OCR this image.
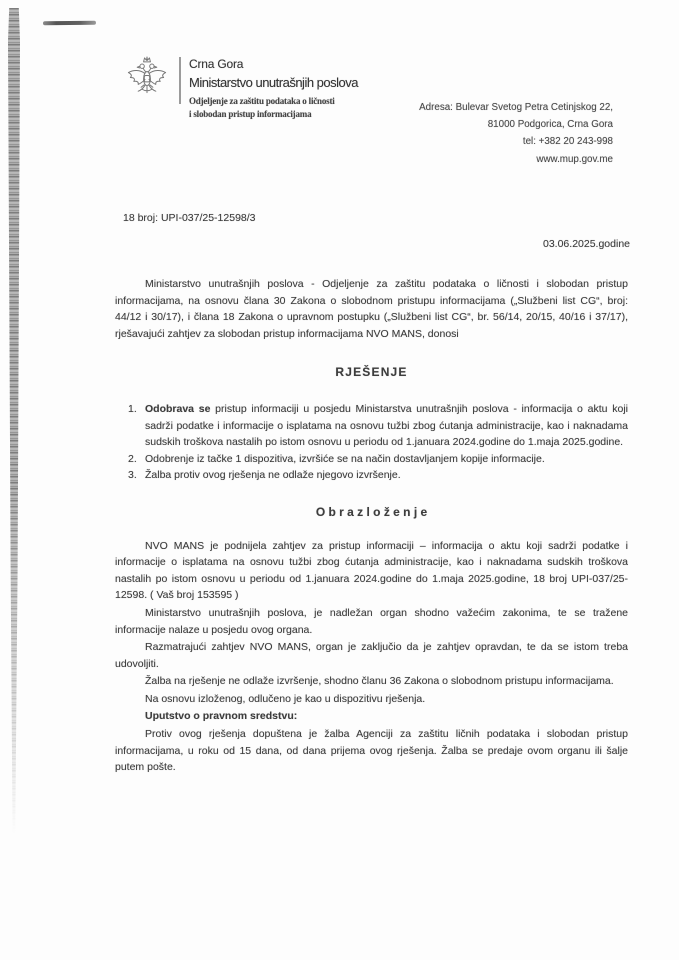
Crna Gora
Ministarstvo unutrašnjih poslova
Odjeljenje za zaštitu podataka o ličnosti
i slobodan pristup informacijama
Adresa: Bulevar Svetog Petra Cetinjskog 22,
81000 Podgorica, Crna Gora
tel: +382 20 243-998
www.mup.gov.me
18 broj: UPI-037/25-12598/3
03.06.2025.godine

Ministarstvo unutrašnjih poslova - Odjeljenje za zaštitu podataka o ličnosti i slobodan pristup informacijama, na osnovu člana 30 Zakona o slobodnom pristupu informacijama („Službeni list CG“, broj: 44/12 i 30/17), i člana 18 Zakona o upravnom postupku („Službeni list CG“, br. 56/14, 20/15, 40/16 i 37/17), rješavajući zahtjev za slobodan pristup informacijama NVO MANS, donosi

RJEŠENJE
1. Odobrava se pristup informaciji u posjedu Ministarstva unutrašnjih poslova - informacija o aktu koji sadrži podatke i informacije o isplatama na osnovu tužbi zbog ćutanja administracije, kao i naknadama sudskih troškova nastalih po istom osnovu u periodu od 1.januara 2024.godine do 1.maja 2025.godine.
2. Odobrenje iz tačke 1 dispozitiva, izvršiće se na način dostavljanjem kopije informacije.
3. Žalba protiv ovog rješenja ne odlaže njegovo izvršenje.
O b r a z l o ž e n j e

NVO MANS je podnijela zahtjev za pristup informaciji – informacija o aktu koji sadrži podatke i informacije o isplatama na osnovu tužbi zbog ćutanja administracije, kao i naknadama sudskih troškova nastalih po istom osnovu u periodu od 1.januara 2024.godine do 1.maja 2025.godine, 18 broj UPI-037/25-12598. ( Vaš broj 153595 )

Ministarstvo unutrašnjih poslova, je nadležan organ shodno važećim zakonima, te se tražene informacije nalaze u posjedu ovog organa.

Razmatrajući zahtjev NVO MANS, organ je zaključio da je zahtjev opravdan, te da se istom treba udovoljiti.

Žalba na rješenje ne odlaže izvršenje, shodno članu 36 Zakona o slobodnom pristupu informacijama.

Na osnovu izloženog, odlučeno je kao u dispozitivu rješenja.

Uputstvo o pravnom sredstvu:

Protiv ovog rješenja dopuštena je žalba Agenciji za zaštitu ličnih podataka i slobodan pristup informacijama, u roku od 15 dana, od dana prijema ovog rješenja. Žalba se predaje ovom organu ili šalje putem pošte.
